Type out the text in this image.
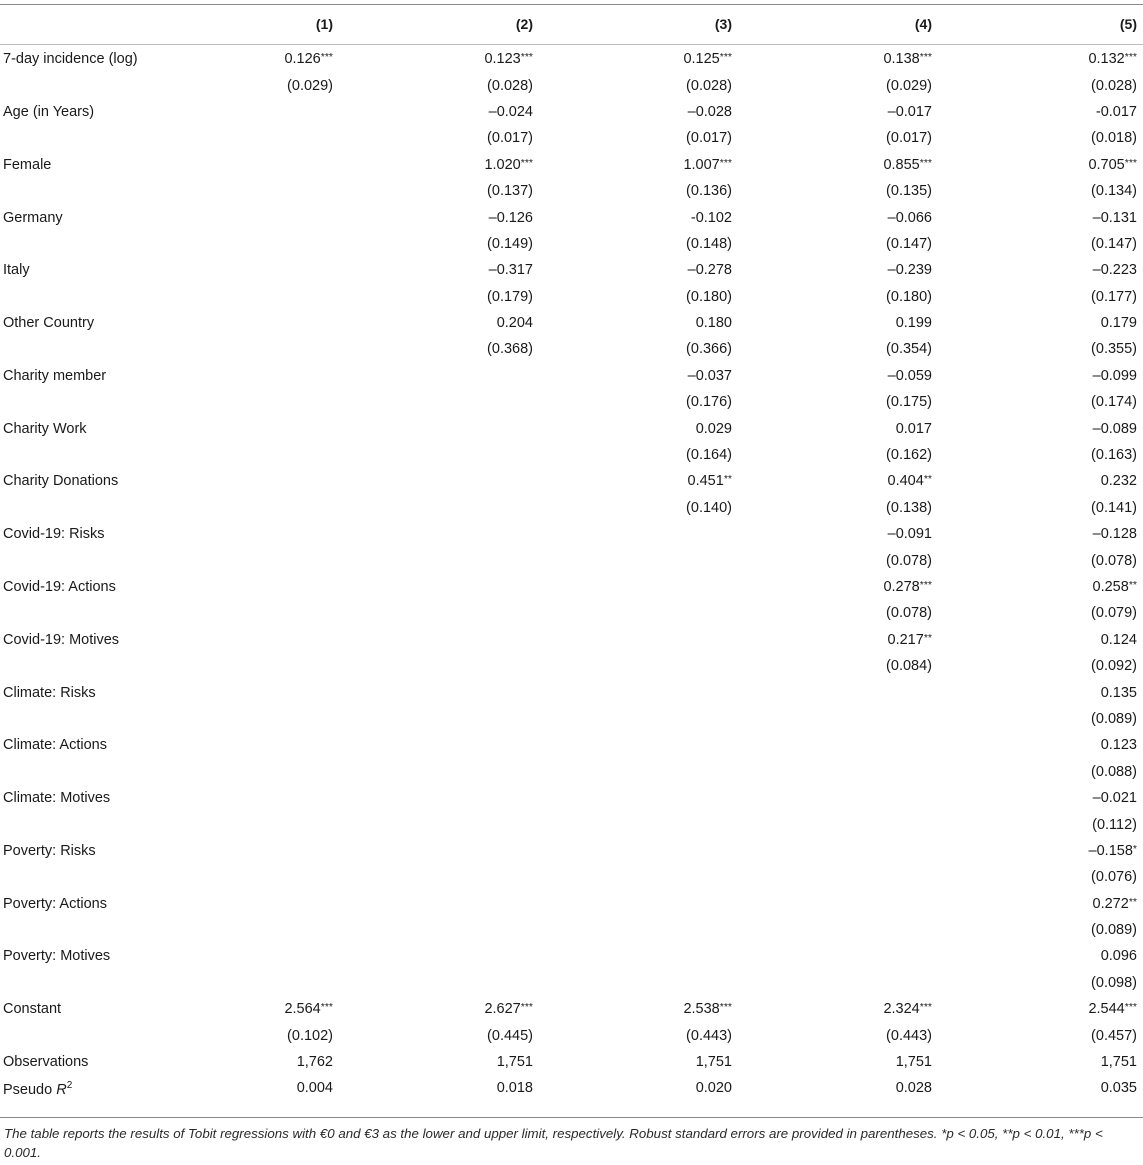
	(1)	(2)	(3)	(4)	(5)
7-day incidence (log)	0.126***	0.123***	0.125***	0.138***	0.132***
	(0.029)	(0.028)	(0.028)	(0.029)	(0.028)
Age (in Years)		–0.024	–0.028	–0.017	-0.017
		(0.017)	(0.017)	(0.017)	(0.018)
Female		1.020***	1.007***	0.855***	0.705***
		(0.137)	(0.136)	(0.135)	(0.134)
Germany		–0.126	-0.102	–0.066	–0.131
		(0.149)	(0.148)	(0.147)	(0.147)
Italy		–0.317	–0.278	–0.239	–0.223
		(0.179)	(0.180)	(0.180)	(0.177)
Other Country		0.204	0.180	0.199	0.179
		(0.368)	(0.366)	(0.354)	(0.355)
Charity member			–0.037	–0.059	–0.099
			(0.176)	(0.175)	(0.174)
Charity Work			0.029	0.017	–0.089
			(0.164)	(0.162)	(0.163)
Charity Donations			0.451**	0.404**	0.232
			(0.140)	(0.138)	(0.141)
Covid-19: Risks				–0.091	–0.128
				(0.078)	(0.078)
Covid-19: Actions				0.278***	0.258**
				(0.078)	(0.079)
Covid-19: Motives				0.217**	0.124
				(0.084)	(0.092)
Climate: Risks					0.135
					(0.089)
Climate: Actions					0.123
					(0.088)
Climate: Motives					–0.021
					(0.112)
Poverty: Risks					–0.158*
					(0.076)
Poverty: Actions					0.272**
					(0.089)
Poverty: Motives					0.096
					(0.098)
Constant	2.564***	2.627***	2.538***	2.324***	2.544***
	(0.102)	(0.445)	(0.443)	(0.443)	(0.457)
Observations	1,762	1,751	1,751	1,751	1,751
Pseudo $R^2$	0.004	0.018	0.020	0.028	0.035
The table reports the results of Tobit regressions with €0 and €3 as the lower and upper limit, respectively. Robust standard errors are provided in parentheses. *p < 0.05, **p < 0.01, ***p < 0.001.
